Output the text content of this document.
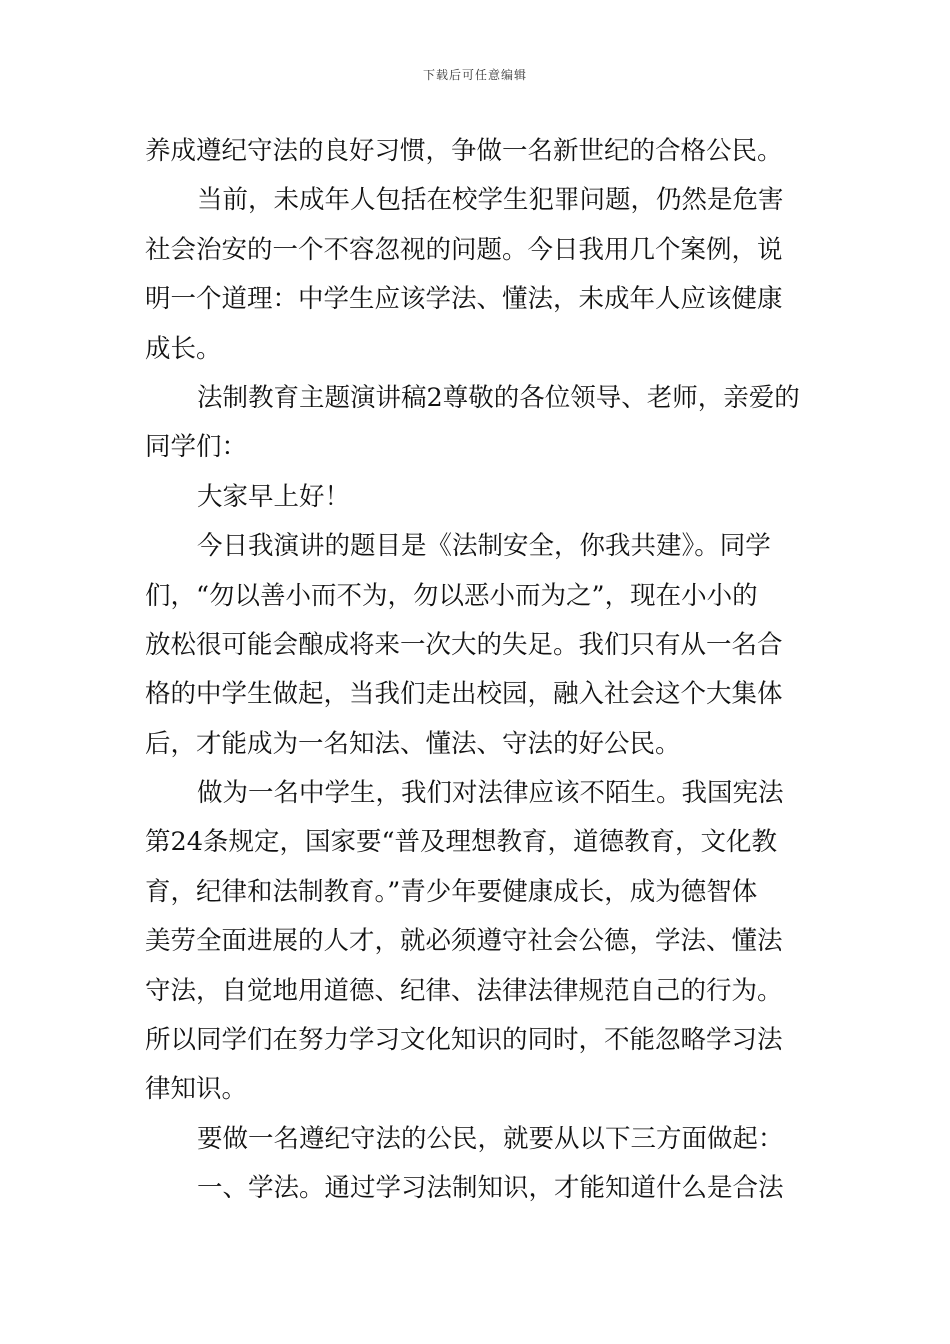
下载后可任意编辑
养成遵纪守法的良好习惯，争做一名新世纪的合格公民。
当前，未成年人包括在校学生犯罪问题，仍然是危害
社会治安的一个不容忽视的问题。今日我用几个案例，说
明一个道理：中学生应该学法、懂法，未成年人应该健康
成长。
法制教育主题演讲稿2尊敬的各位领导、老师，亲爱的
同学们：
大家早上好！
今日我演讲的题目是《法制安全，你我共建》。同学
们，“勿以善小而不为，勿以恶小而为之”，现在小小的
放松很可能会酿成将来一次大的失足。我们只有从一名合
格的中学生做起，当我们走出校园，融入社会这个大集体
后，才能成为一名知法、懂法、守法的好公民。
做为一名中学生，我们对法律应该不陌生。我国宪法
第24条规定，国家要“普及理想教育，道德教育，文化教
育，纪律和法制教育。”青少年要健康成长，成为德智体
美劳全面进展的人才，就必须遵守社会公德，学法、懂法
守法，自觉地用道德、纪律、法律法律规范自己的行为。
所以同学们在努力学习文化知识的同时，不能忽略学习法
律知识。
要做一名遵纪守法的公民，就要从以下三方面做起：
一、学法。通过学习法制知识，才能知道什么是合法
